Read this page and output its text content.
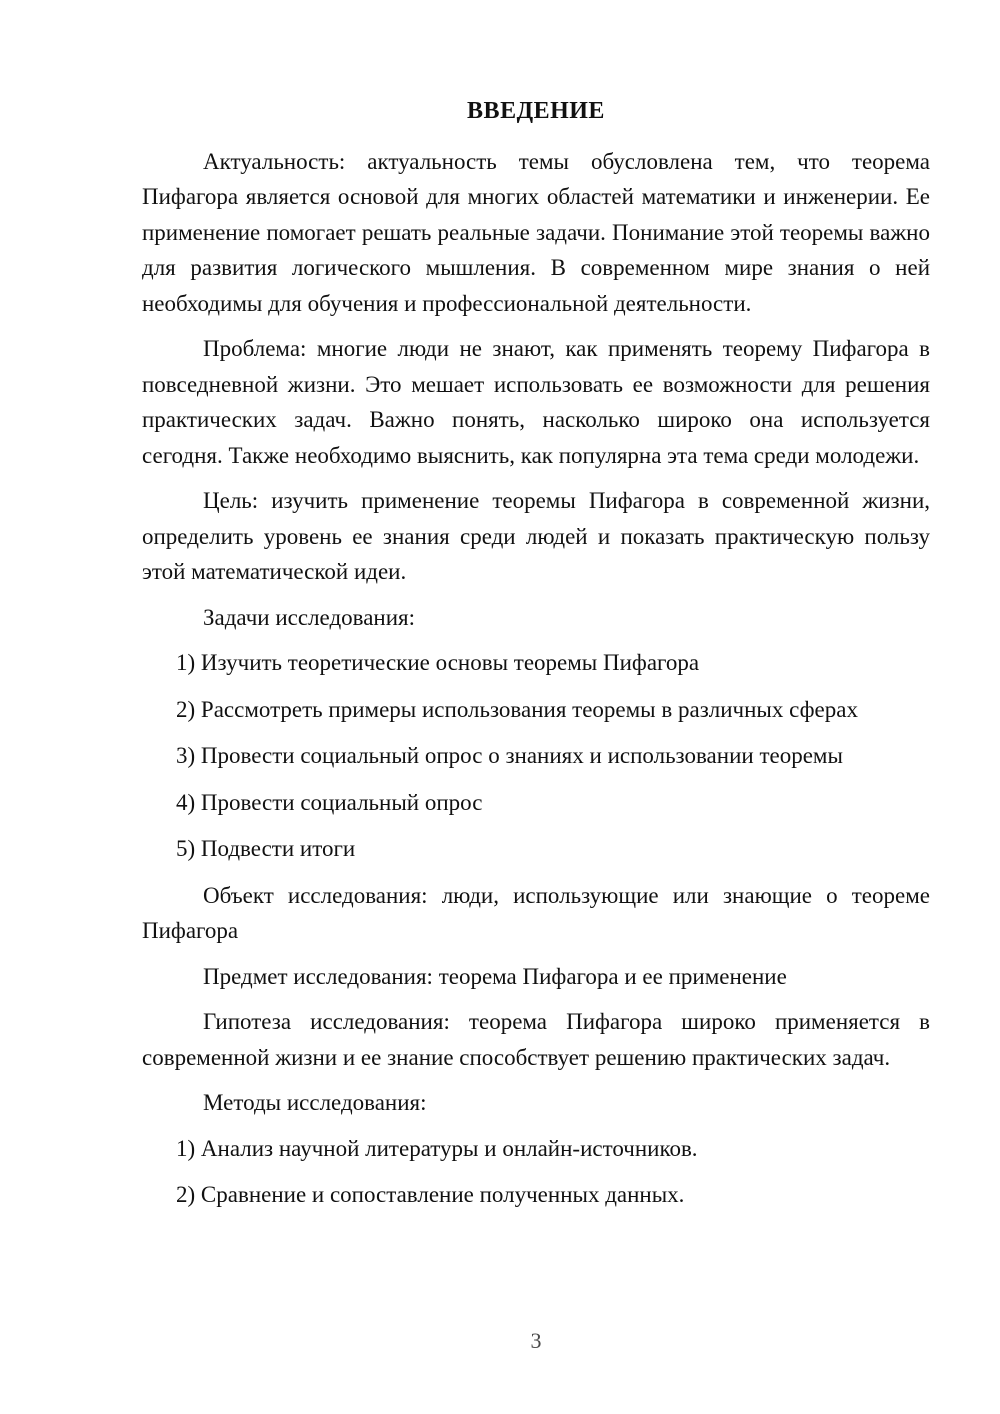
ВВЕДЕНИЕ

Актуальность: актуальность темы обусловлена тем, что теорема Пифагора является основой для многих областей математики и инженерии. Ее применение помогает решать реальные задачи. Понимание этой теоремы важно для развития логического мышления. В современном мире знания о ней необходимы для обучения и профессиональной деятельности.

Проблема: многие люди не знают, как применять теорему Пифагора в повседневной жизни. Это мешает использовать ее возможности для решения практических задач. Важно понять, насколько широко она используется сегодня. Также необходимо выяснить, как популярна эта тема среди молодежи.

Цель: изучить применение теоремы Пифагора в современной жизни, определить уровень ее знания среди людей и показать практическую пользу этой математической идеи.

Задачи исследования:

1) Изучить теоретические основы теоремы Пифагора

2) Рассмотреть примеры использования теоремы в различных сферах

3) Провести социальный опрос о знаниях и использовании теоремы

4) Провести социальный опрос

5) Подвести итоги

Объект исследования: люди, использующие или знающие о теореме Пифагора

Предмет исследования: теорема Пифагора и ее применение

Гипотеза исследования: теорема Пифагора широко применяется в современной жизни и ее знание способствует решению практических задач.

Методы исследования:

1) Анализ научной литературы и онлайн-источников.

2) Сравнение и сопоставление полученных данных.

3
